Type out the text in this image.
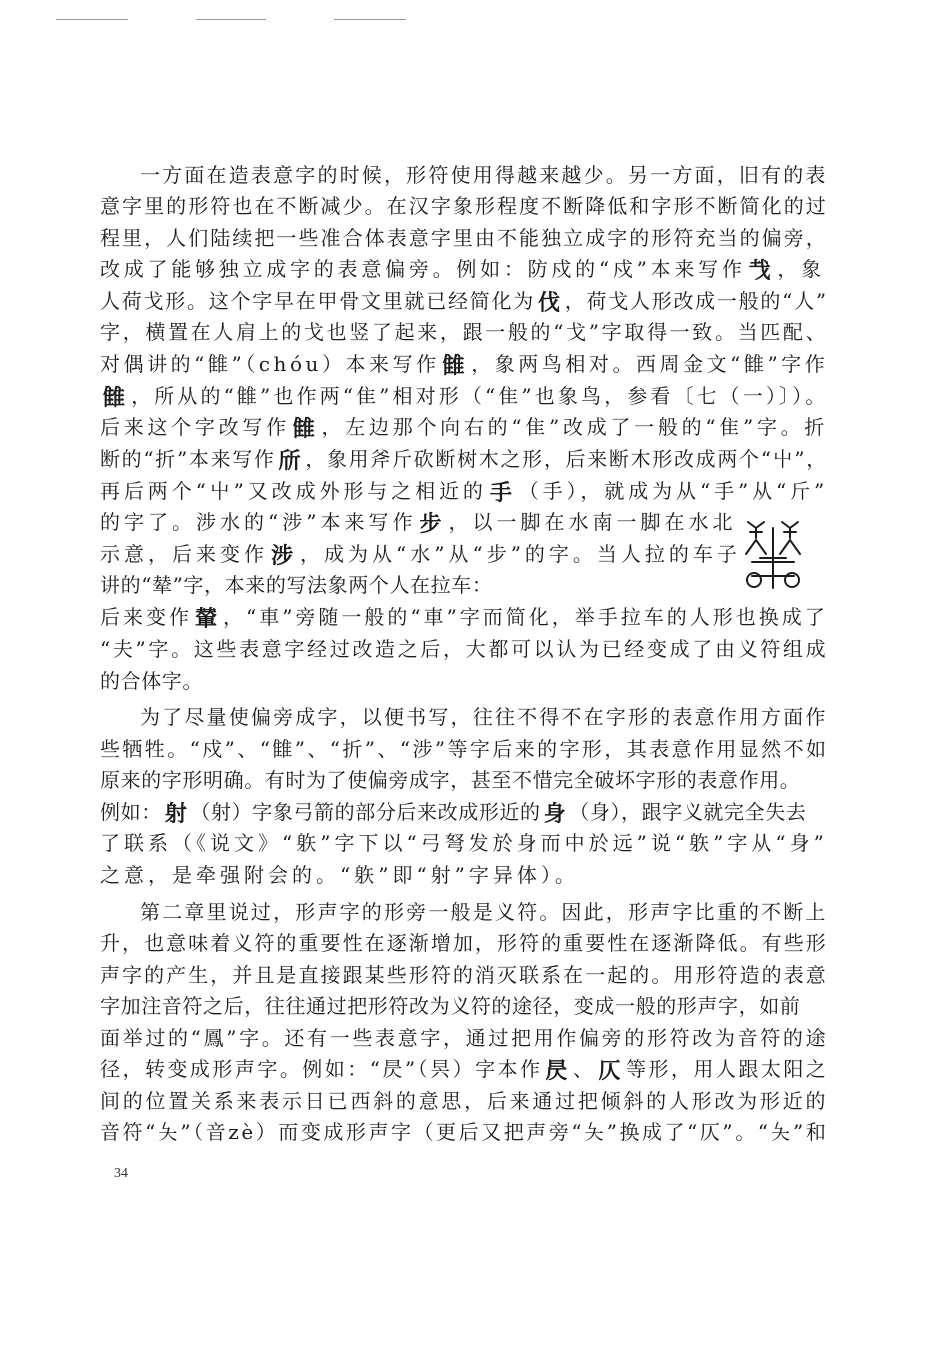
一方面在造表意字的时候，形符使用得越来越少。另一方面，旧有的表
意字里的形符也在不断减少。在汉字象形程度不断降低和字形不断简化的过
程里，人们陆续把一些准合体表意字里由不能独立成字的形符充当的偏旁，
改成了能够独立成字的表意偏旁。例如：防戍的“戍”本来写作 𢦏 ，象
人荷戈形。这个字早在甲骨文里就已经简化为 伐 ，荷戈人形改成一般的“人”
字，横置在人肩上的戈也竖了起来，跟一般的“戈”字取得一致。当匹配、
对偶讲的“雔”（chóu）本来写作 雔 ，象两鸟相对。西周金文“雔”字作
雔 ，所从的“雔”也作两“隹”相对形（“隹”也象鸟，参看〔七（一）〕）。
后来这个字改写作 雔 ，左边那个向右的“隹”改成了一般的“隹”字。折
断的“折”本来写作 斦 ，象用斧斤砍断树木之形，后来断木形改成两个“屮”，
再后两个“屮”又改成外形与之相近的 手 （手），就成为从“手”从“斤”
的字了。涉水的“涉”本来写作 步 ，以一脚在水南一脚在水北
示意，后来变作 涉 ，成为从“水”从“步”的字。当人拉的车子
讲的“辇”字，本来的写法象两个人在拉车：
后来变作 輦 ，“車”旁随一般的“車”字而简化，举手拉车的人形也换成了
“夫”字。这些表意字经过改造之后，大都可以认为已经变成了由义符组成
的合体字。
为了尽量使偏旁成字，以便书写，往往不得不在字形的表意作用方面作
些牺牲。“戍”、“雔”、“折”、“涉”等字后来的字形，其表意作用显然不如
原来的字形明确。有时为了使偏旁成字，甚至不惜完全破坏字形的表意作用。
例如： 射 （射）字象弓箭的部分后来改成形近的 身 （身），跟字义就完全失去
了联系（《说文》“䠶”字下以“弓弩发於身而中於远”说“䠶”字从“身”
之意，是牵强附会的。“䠶”即“射”字异体）。
第二章里说过，形声字的形旁一般是义符。因此，形声字比重的不断上
升，也意味着义符的重要性在逐渐增加，形符的重要性在逐渐降低。有些形
声字的产生，并且是直接跟某些形符的消灭联系在一起的。用形符造的表意
字加注音符之后，往往通过把形符改为义符的途径，变成一般的形声字，如前
面举过的“鳳”字。还有一些表意字，通过把用作偏旁的形符改为音符的途
径，转变成形声字。例如：“昃”（昗）字本作 昃 、 仄 等形，用人跟太阳之
间的位置关系来表示日已西斜的意思，后来通过把倾斜的人形改为形近的
音符“夨”（音zè）而变成形声字（更后又把声旁“夨”换成了“仄”。“夨”和
34
